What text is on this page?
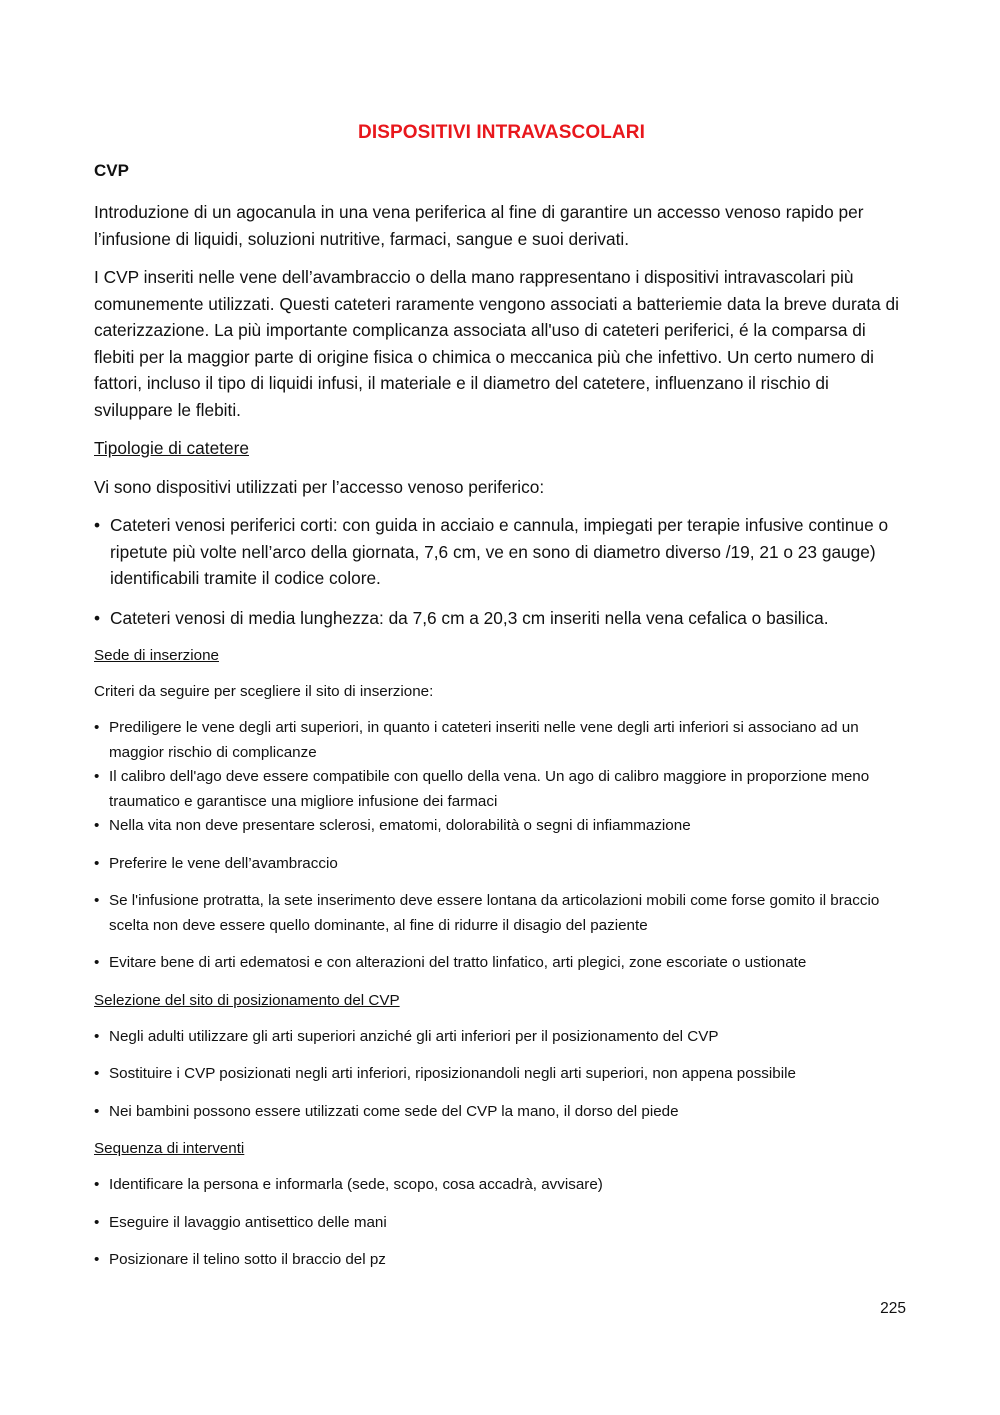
DISPOSITIVI INTRAVASCOLARI
CVP

Introduzione di un agocanula in una vena periferica al fine di garantire un accesso venoso rapido per l’infusione di liquidi, soluzioni nutritive, farmaci, sangue e suoi derivati.

I CVP inseriti nelle vene dell’avambraccio o della mano rappresentano i dispositivi intravascolari più comunemente utilizzati. Questi cateteri raramente vengono associati a batteriemie data la breve durata di caterizzazione. La più importante complicanza associata all'uso di cateteri periferici, é la comparsa di flebiti per la maggior parte di origine fisica o chimica o meccanica più che infettivo. Un certo numero di fattori, incluso il tipo di liquidi infusi, il materiale e il diametro del catetere, influenzano il rischio di sviluppare le flebiti.

Tipologie di catetere

Vi sono dispositivi utilizzati per l’accesso venoso periferico:

• Cateteri venosi periferici corti: con guida in acciaio e cannula, impiegati per terapie infusive continue o ripetute più volte nell’arco della giornata, 7,6 cm, ve en sono di diametro diverso /19, 21 o 23 gauge) identificabili tramite il codice colore.
• Cateteri venosi di media lunghezza: da 7,6 cm a 20,3 cm inseriti nella vena cefalica o basilica.
Sede di inserzione

Criteri da seguire per scegliere il sito di inserzione:

• Prediligere le vene degli arti superiori, in quanto i cateteri inseriti nelle vene degli arti inferiori si associano ad un maggior rischio di complicanze
• Il calibro dell'ago deve essere compatibile con quello della vena. Un ago di calibro maggiore in proporzione meno traumatico e garantisce una migliore infusione dei farmaci
• Nella vita non deve presentare sclerosi, ematomi, dolorabilità o segni di infiammazione
• Preferire le vene dell’avambraccio
• Se l'infusione protratta, la sete inserimento deve essere lontana da articolazioni mobili come forse gomito il braccio scelta non deve essere quello dominante, al fine di ridurre il disagio del paziente
• Evitare bene di arti edematosi e con alterazioni del tratto linfatico, arti plegici, zone escoriate o ustionate
Selezione del sito di posizionamento del CVP
• Negli adulti utilizzare gli arti superiori anziché gli arti inferiori per il posizionamento del CVP
• Sostituire i CVP posizionati negli arti inferiori, riposizionandoli negli arti superiori, non appena possibile
• Nei bambini possono essere utilizzati come sede del CVP la mano, il dorso del piede
Sequenza di interventi
• Identificare la persona e informarla (sede, scopo, cosa accadrà, avvisare)
• Eseguire il lavaggio antisettico delle mani
• Posizionare il telino sotto il braccio del pz
225
